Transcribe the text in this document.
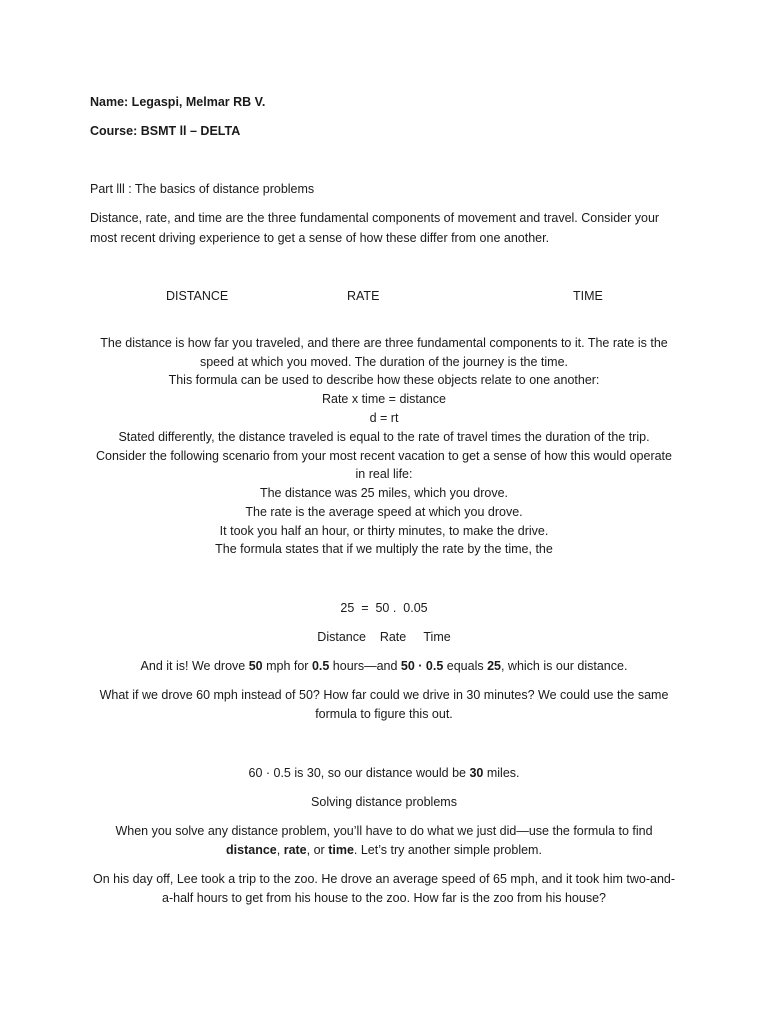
Name: Legaspi, Melmar RB V.
Course: BSMT ll – DELTA
Part lll : The basics of distance problems
Distance, rate, and time are the three fundamental components of movement and travel. Consider your
most recent driving experience to get a sense of how these differ from one another.
DISTANCE	RATE	TIME
The distance is how far you traveled, and there are three fundamental components to it. The rate is the
speed at which you moved. The duration of the journey is the time.
This formula can be used to describe how these objects relate to one another:
Rate x time = distance
d = rt
Stated differently, the distance traveled is equal to the rate of travel times the duration of the trip.
Consider the following scenario from your most recent vacation to get a sense of how this would operate
in real life:
The distance was 25 miles, which you drove.
The rate is the average speed at which you drove.
It took you half an hour, or thirty minutes, to make the drive.
The formula states that if we multiply the rate by the time, the
25  =  50 .  0.05
Distance    Rate     Time
And it is! We drove 50 mph for 0.5 hours—and 50 · 0.5 equals 25, which is our distance.
What if we drove 60 mph instead of 50? How far could we drive in 30 minutes? We could use the same
formula to figure this out.
60 · 0.5 is 30, so our distance would be 30 miles.
Solving distance problems
When you solve any distance problem, you’ll have to do what we just did—use the formula to find
distance, rate, or time. Let’s try another simple problem.
On his day off, Lee took a trip to the zoo. He drove an average speed of 65 mph, and it took him two-and-
a-half hours to get from his house to the zoo. How far is the zoo from his house?
